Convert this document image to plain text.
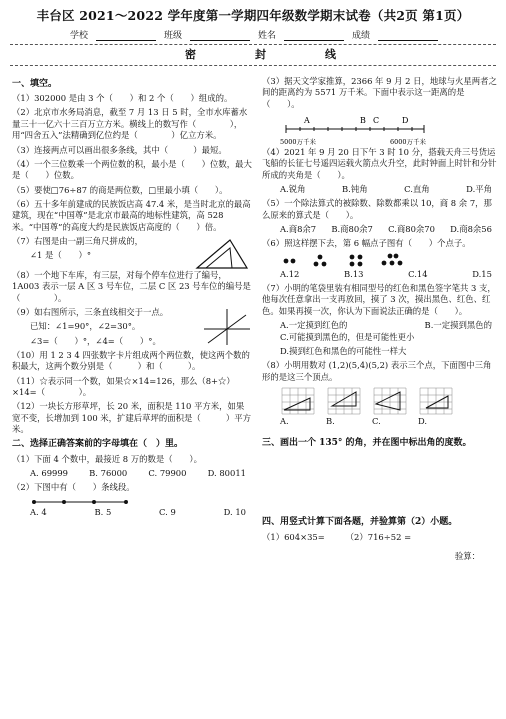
丰台区 2021～2022 学年度第一学期四年级数学期末试卷（共2页 第1页）
学校	班级	姓名	成绩
密	封	线
一、填空。
（1）302000 是由 3 个（　　）和 2 个（　　）组成的。
（2）北京市水务局消息，截至 7 月 13 日 5 时，全市水库蓄水量三十一亿六十三百万立方米。横线上的数写作（　　　　），用“四舍五入”法精确到亿位约是（　　　　）亿立方米。
（3）连接两点可以画出很多条线，其中（　　　）最短。
（4）一个三位数乘一个两位数的积，最小是（　　）位数，最大是（　　）位数。
（5）要使□76÷87 的商是两位数，□里最小填（　　）。
（6）五十多年前建成的民族饭店高 47.4 米，是当时北京的最高建筑，现在“中国尊”是北京市最高的地标性建筑，高 528 米。“中国尊”的高度大约是民族饭店高度的（　　）倍。
（7）右图是由一副三角尺拼成的，
∠1 是（　　）°
（8）一个地下车库，有三层，对每个停车位进行了编号，1A003 表示一层 A 区 3 号车位，二层 C 区 23 号车位的编号是（　　　　）。
（9）如右图所示，三条直线相交于一点。
已知：∠1=90°，∠2=30°。
∠3=（　　）°，∠4=（　　）°。
（10）用 1 2 3 4 四张数字卡片组成两个两位数，使这两个数的积最大，这两个数分别是（　　　）和（　　　）。
（11）☆表示同一个数，如果☆×14=126，那么（8+☆）×14=（　　　　）。
（12）一块长方形草坪，长 20 米，面积是 110 平方米，如果宽不变，长增加到 100 米，扩建后草坪的面积是（　　　）平方米。
二、选择正确答案前的字母填在（　）里。
（1）下面 4 个数中，最接近 8 万的数是（　　）。
A. 69999	B. 76000	C. 79900	D. 80011
（2）下图中有（　　）条线段。
A. 4	B. 5	C. 9	D. 10
（3）据天文学家推算，2366 年 9 月 2 日，地球与火星两者之间的距离约为 5571 万千米。下面中表示这一距离的是（　　）。
A	B C	D
5000万千米	6000万千米
（4）2021 年 9 月 20 日下午 3 时 10 分，搭载天舟三号货运飞船的长征七号遥四运载火箭点火升空，此时钟面上时针和分针所成的夹角是（　　）。
A.锐角	B.钝角	C.直角	D.平角
（5）一个除法算式的被除数、除数都乘以 10，商 8 余 7，那么原来的算式是（　　）。
A.商8余7 B.商80余7 C.商80余70 D.商8余56
（6）照这样摆下去，第 6 幅点子图有（　　）个点子。
A.12	B.13	C.14	D.15
（7）小明的笔袋里装有相同型号的红色和黑色签字笔共 3 支，他每次任意拿出一支再放回，摸了 3 次，摸出黑色、红色、红色。如果再摸一次，你认为下面说法正确的是（　　）。
A.一定摸到红色的	B.一定摸到黑色的
C.可能摸到黑色的，但是可能性更小
D.摸到红色和黑色的可能性一样大
（8）小明用数对 (1,2)(5,4)(5,2) 表示三个点，下面图中三角形的是这三个顶点。
A.	B.	C.	D.
三、画出一个 135° 的角，并在图中标出角的度数。
四、用竖式计算下面各题，并验算第（2）小题。
（1）604×35=　　　（2）716÷52 =
验算：
